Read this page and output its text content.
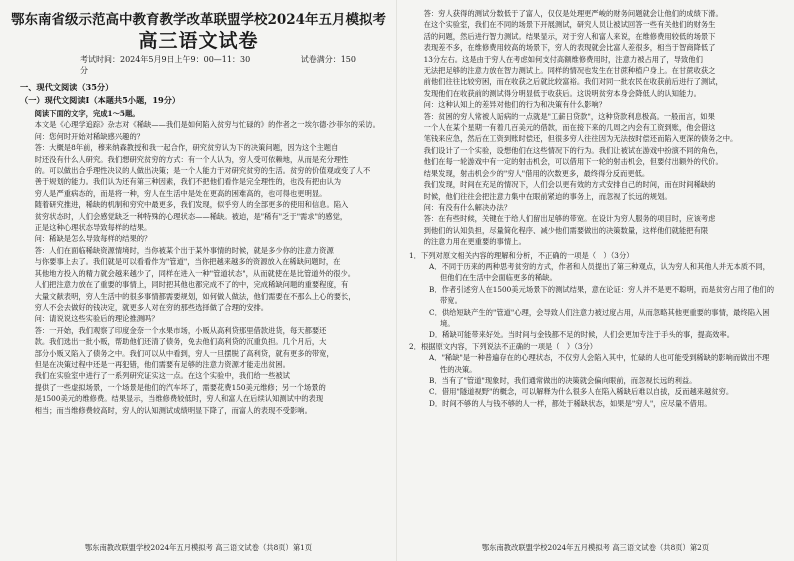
鄂东南省级示范高中教育教学改革联盟学校2024年五月模拟考
高三语文试卷
考试时间：2024年5月9日上午9：00—11：30	试卷满分：150分
一、现代文阅读（35分）
（一）现代文阅读Ⅰ（本题共5小题，19分）
阅读下面的文字，完成1～5题。

本文是《心理学追踪》杂志对《稀缺——我们是如何陷入贫穷与忙碌的》的作者之一埃尔德·沙菲尔的采访。

问：您何时开始对稀缺感兴趣的？

答：大概是8年前，穆来纳森教授和我一起合作，研究贫穷认为下的决策问题，因为这个主题自

时还没有什么人研究。我们想研究贫穷的方式：有一个人认为，穷人受可依赖地，从而是充分理性

的。可以做出合乎理性决议的人做出决策；是一个人能力于对研究贫穷的生活。贫穷的价值观或变了人不

善于规划的能力。我们认为还有第三种因素，我们不把他们看作是完全理性的，也没有把由认为

穷人是严重病态的，而是将一种，穷人在生活中是处在更高的困难高的，也可得也更明显。

随着研究推进，稀缺的机制和穷究中最更多，我们发现，似乎穷人的全部更多的使用和信息。陷入

贫穷状态时，人们会感觉缺乏一种特殊的心理状态——稀缺。被迫，是"稀有"乏于"需求"的感觉，

正是这种心理状态导致每样的结果。

问：稀缺是怎么导致每样的结果的？

答：人们在面临稀缺资源情境时，当你被某个出于某外事情的时候，就是多少你的注意力资源

与你要事上去了。我们就是可以看看作为"管道"，当你把越来越多的资源放入在稀缺问题时，在

其他地方投入的精力就会越来越少了，同样在进入一种"管道状态"，从而就使在是比管道外的很少。

人们把注意力放在了重要的事情上，同时把其他也都完成不了的中，完成稀缺问题的重要程度，有

大量文献表明，穷人生活中的很多事情都需要规划，如何做人做法，他们需要在不那么上心的要长，

穷人不会去做好的钱决定，就更多人对在穷的那些选择做了合理的安排。

问：请说说这些实验后的理论推测吗？

答：一开始，我们观察了印度金奈一个水果市场，小贩从高利贷那里借款进货，每天都要还

款。我们选出一批小贩，帮助他们还清了债务，免去他们高利贷的沉重负担。几个月后，大

部分小贩又陷入了债务之中。我们可以从中看到，穷人一旦摆脱了高利贷，就有更多的带宽，

但是在决策过程中还是一再犯错，他们需要有足够的注意力资源才能走出贫困。

我们在实验室中进行了一系列研究证实这一点。在这个实验中，我们给一些被试

提供了一些虚拟场景，一个场景是他们的汽车坏了，需要花费150美元维修；另一个场景的

是1500美元的维修费。结果显示，当维修费较低时，穷人和富人在后续认知测试中的表现

相当；而当维修费较高时，穷人的认知测试成绩明显下降了，而富人的表现不受影响。

鄂东南教改联盟学校2024年五月模拟考 高三语文试卷（共8页）第1页

答：穷人获得的测试分数低于了富人，仅仅是处理更严峻的财务问题就会让他们的成绩下滑。

在这个实验室，我们在不同的场景下开展测试，研究人员让被试回答一些有关他们的财务生

活的问题，然后进行智力测试。结果显示，对于穷人和富人来说，在维修费用较低的场景下

表现差不多，在维修费用较高的场景下，穷人的表现就会比富人差很多，相当于智商降低了

13分左右。这是由于穷人在考虑如何支付高额维修费用时，注意力被占用了，导致他们

无法把足够的注意力放在智力测试上。同样的情况也发生在甘蔗种植户身上。在甘蔗收获之

前他们往往比较穷困，而在收获之后就比较富裕。我们对同一批农民在收获前后进行了测试，

发现他们在收获前的测试得分明显低于收获后。这说明贫穷本身会降低人的认知能力。

问：这种认知上的差异对他们的行为和决策有什么影响？

答：贫困的穷人常被人诟病的一点就是"工薪日贷款"，这种贷款利息极高。一般而言，如果

一个人在某个星期一有着几百美元的借款，而在接下来的几周之内会有工资到账，他会借这

笔钱来应急，然后在工资到账时偿还，但很多穷人往往因为无法按时偿还而陷入更深的债务之中。

我们设计了一个实验，设想他们在这些情况下的行为。我们让被试在游戏中扮演不同的角色，

他们在每一轮游戏中有一定的射击机会，可以借用下一轮的射击机会，但要付出额外的代价。

结果发现，射击机会少的"穷人"借用的次数更多，最终得分反而更低。

我们发现，时间在充足的情况下，人们会以更有效的方式安排自己的时间，而在时间稀缺的

时候，他们往往会把注意力集中在眼前紧迫的事务上，而忽视了长远的规划。

问：有没有什么解决办法？

答：在有些时候，关键在于给人们留出足够的带宽。在设计为穷人服务的项目时，应该考虑

到他们的认知负担，尽量简化程序、减少他们需要做出的决策数量，这样他们就能把有限

的注意力用在更重要的事情上。

1．下列对原文相关内容的理解和分析，不正确的一项是（　）（3分）

A．不同于历来的两种思考贫穷的方式，作者和人员提出了第三种观点，认为穷人和其他人并无本质不同，但他们在生活中会面临更多的稀缺。

B．作者引述穷人在1500美元场景下的测试结果，意在论证：穷人并不是更不聪明，而是贫穷占用了他们的带宽。

C．供给短缺产生的"管道"心理，会导致人们注意力被过度占用，从而忽略其他更重要的事情，最终陷入困境。

D．稀缺可能带来好处。当时间与金钱都不足的时候，人们会更加专注于手头的事，提高效率。

2．根据原文内容，下列说法不正确的一项是（　）（3分）

A．"稀缺"是一种普遍存在的心理状态，不仅穷人会陷入其中，忙碌的人也可能受到稀缺的影响而做出不理性的决策。

B．当有了"管道"现象时，我们通常做出的决策就会偏向眼前，而忽视长远的利益。

C．借用"隧道视野"的概念，可以解释为什么很多人在陷入稀缺后难以自拔，反而越来越贫穷。

D．时间不够的人与钱不够的人一样，都处于稀缺状态，如果是"穷人"，应尽量不借用。

鄂东南教改联盟学校2024年五月模拟考 高三语文试卷（共8页）第2页
